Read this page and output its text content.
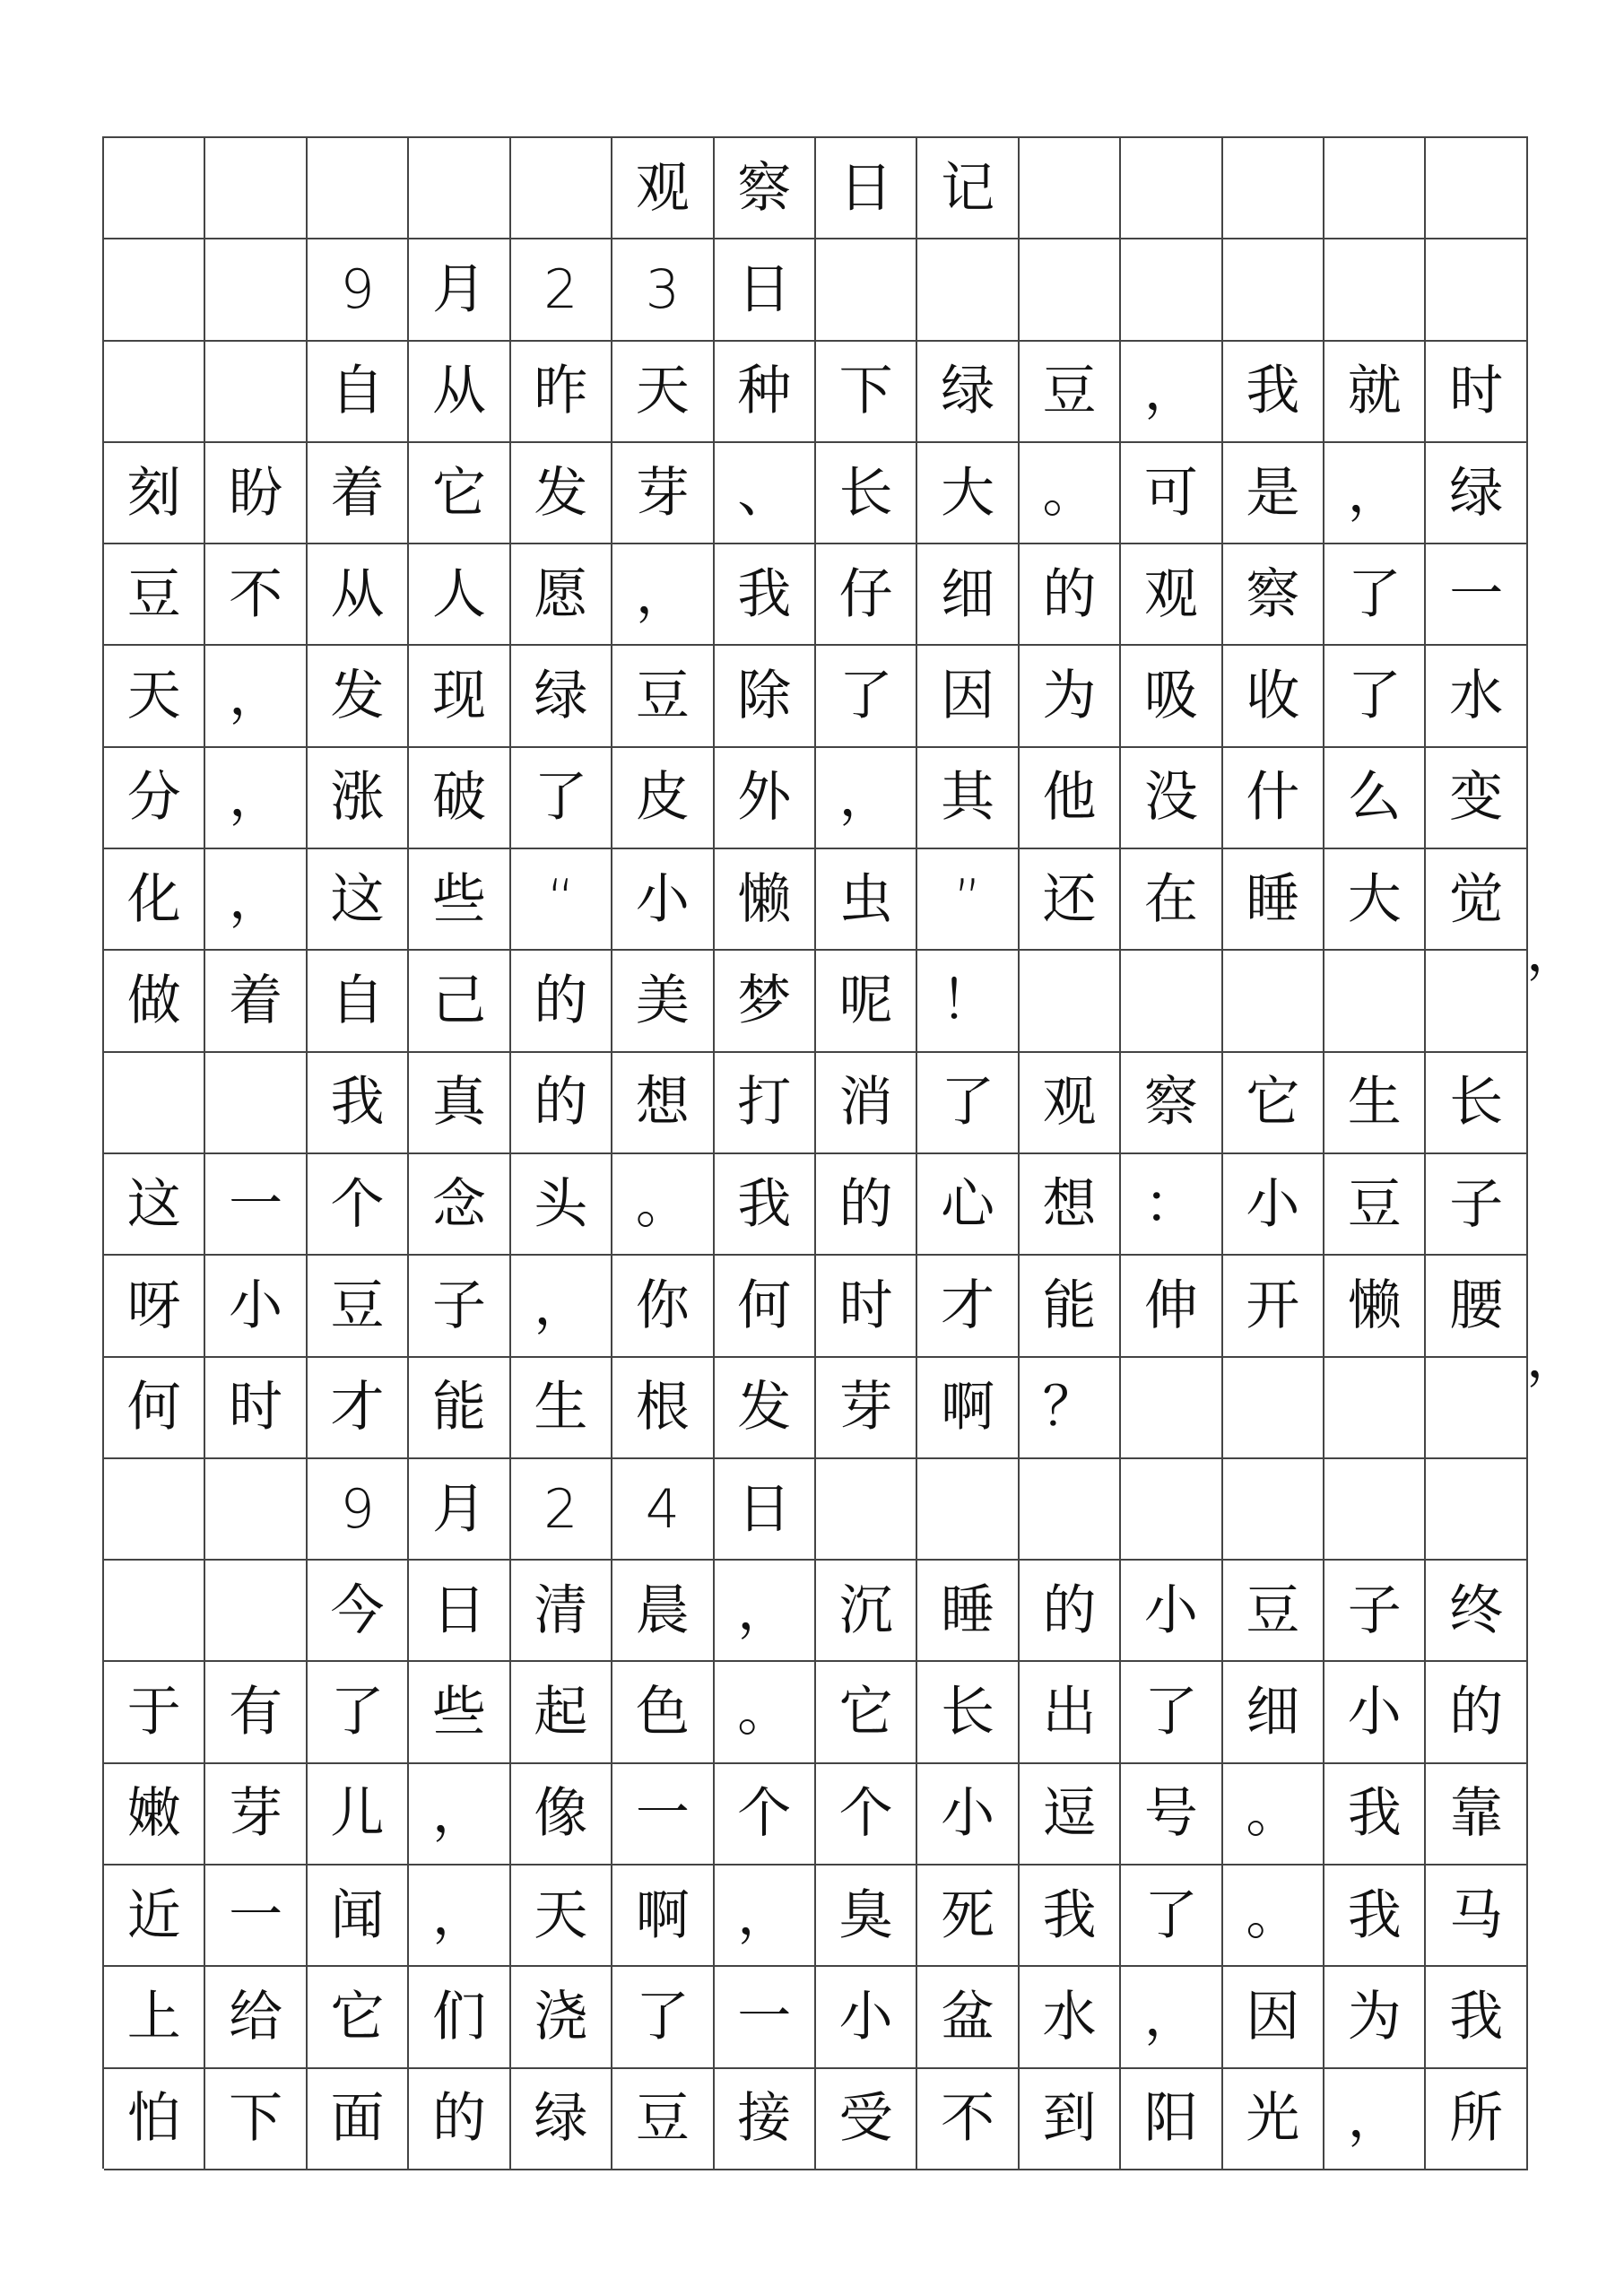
观 察 日 记
9	月	2	3	日
自 从 昨 天 种 下 绿 豆 ， 我 就 时
刻 盼 着 它 发 芽 、 长 大 。 可 是 ， 绿
豆 不 从 人 愿 ， 我 仔 细 的 观 察 了 一
天 ， 发 现 绿 豆 除 了 因 为 吸 收 了 水
分 ， 涨 破 了 皮 外 ， 其 他 没 什 么 变
化 ， 这 些	“	小 懒 虫	”	还 在 睡 大 觉
做 着 自 己 的 美 梦 呢 ！
我 真 的 想 打 消 了 观 察 它 生 长
这 一 个 念 头 。 我 的 心 想 ： 小 豆 子
呀 小 豆 子 ， 你 何 时 才 能 伸 开 懒 腰
何 时 才 能 生 根 发 芽 啊 ？
9	月	2	4	日
今 日 清 晨 ， 沉 睡 的 小 豆 子 终
于 有 了 些 起 色 。 它 长 出 了 细 小 的
嫩 芽 儿 ， 像 一 个 个 小 逗 号 。 我 靠
近 一 闻 ， 天 啊 ， 臭 死 我 了 。 我 马
上 给 它 们 浇 了 一 小 盆 水 ， 因 为 我
怕 下 面 的 绿 豆 接 受 不 到 阳 光 ， 所
，
，
